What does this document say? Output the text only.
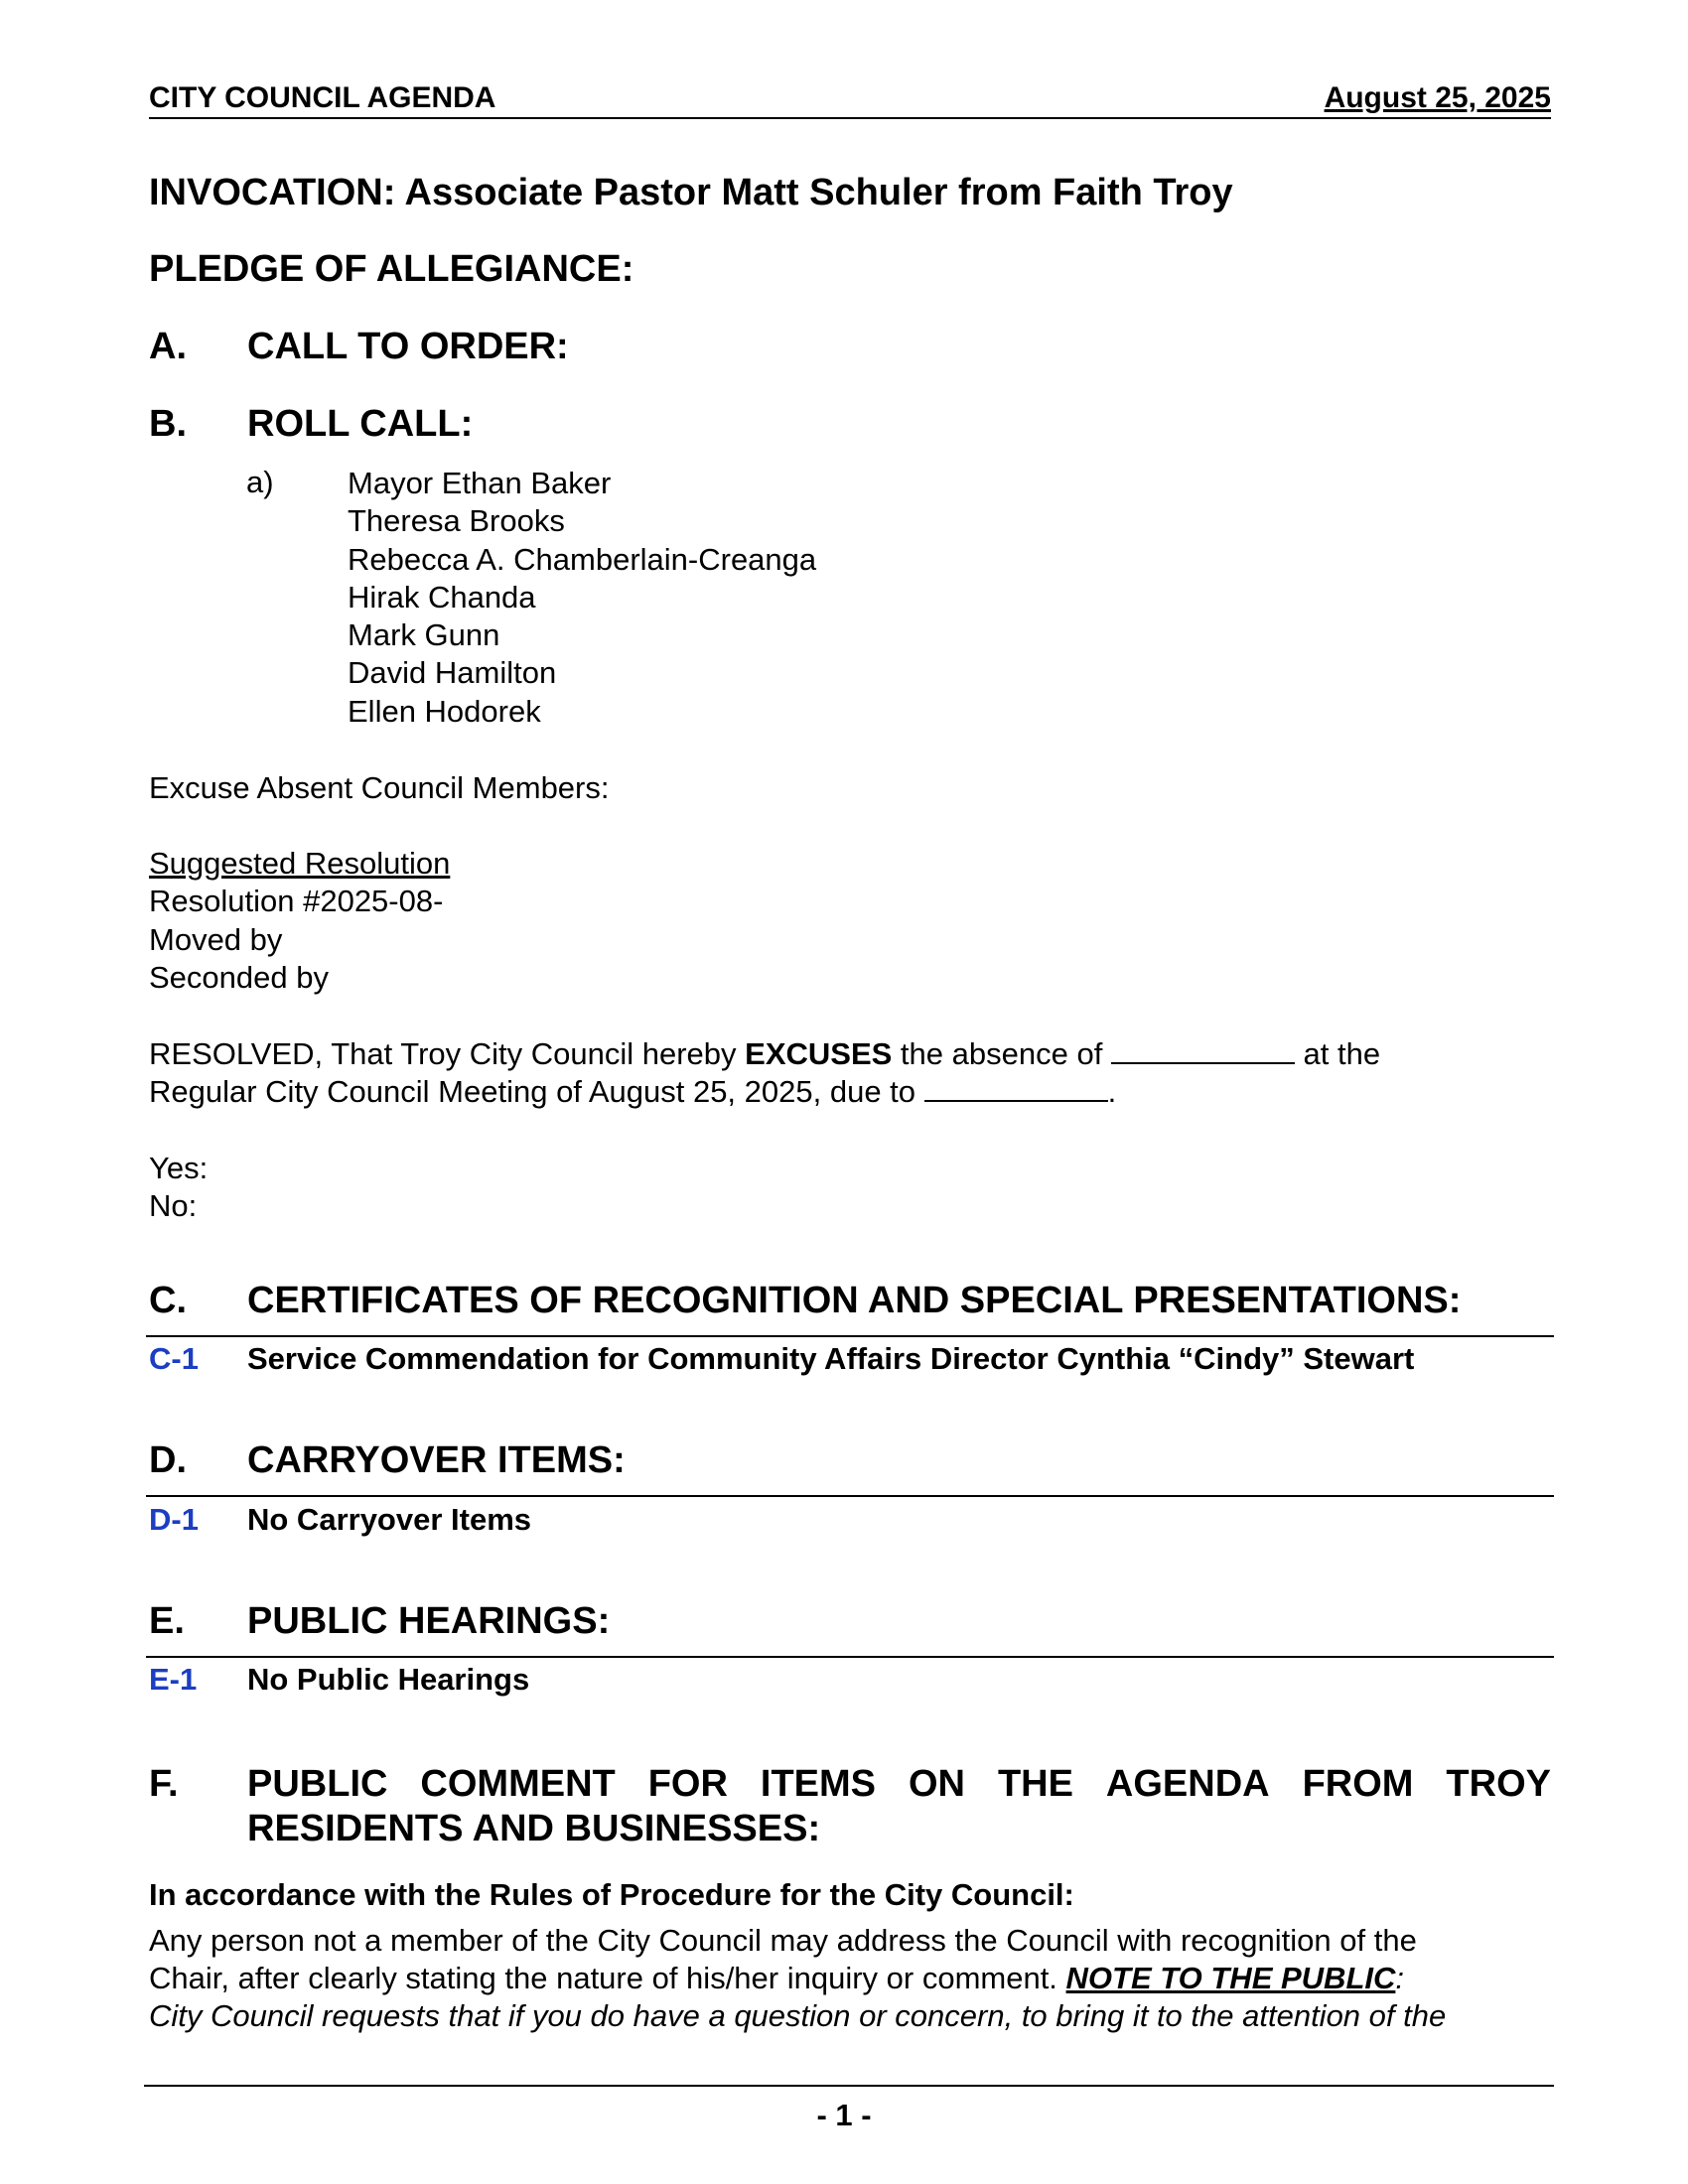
CITY COUNCIL AGENDA	August 25, 2025
INVOCATION: Associate Pastor Matt Schuler from Faith Troy
PLEDGE OF ALLEGIANCE:
A. CALL TO ORDER:
B. ROLL CALL:
a) Mayor Ethan Baker
Theresa Brooks
Rebecca A. Chamberlain-Creanga
Hirak Chanda
Mark Gunn
David Hamilton
Ellen Hodorek
Excuse Absent Council Members:
Suggested Resolution
Resolution #2025-08-
Moved by
Seconded by
RESOLVED, That Troy City Council hereby EXCUSES the absence of	at the
Regular City Council Meeting of August 25, 2025, due to	.
Yes:
No:
C. CERTIFICATES OF RECOGNITION AND SPECIAL PRESENTATIONS:
C-1 Service Commendation for Community Affairs Director Cynthia “Cindy” Stewart
D. CARRYOVER ITEMS:
D-1 No Carryover Items
E. PUBLIC HEARINGS:
E-1 No Public Hearings
F. PUBLIC COMMENT FOR ITEMS ON THE AGENDA FROM TROY
RESIDENTS AND BUSINESSES:
In accordance with the Rules of Procedure for the City Council:
Any person not a member of the City Council may address the Council with recognition of the
Chair, after clearly stating the nature of his/her inquiry or comment. NOTE TO THE PUBLIC:
City Council requests that if you do have a question or concern, to bring it to the attention of the
- 1 -
